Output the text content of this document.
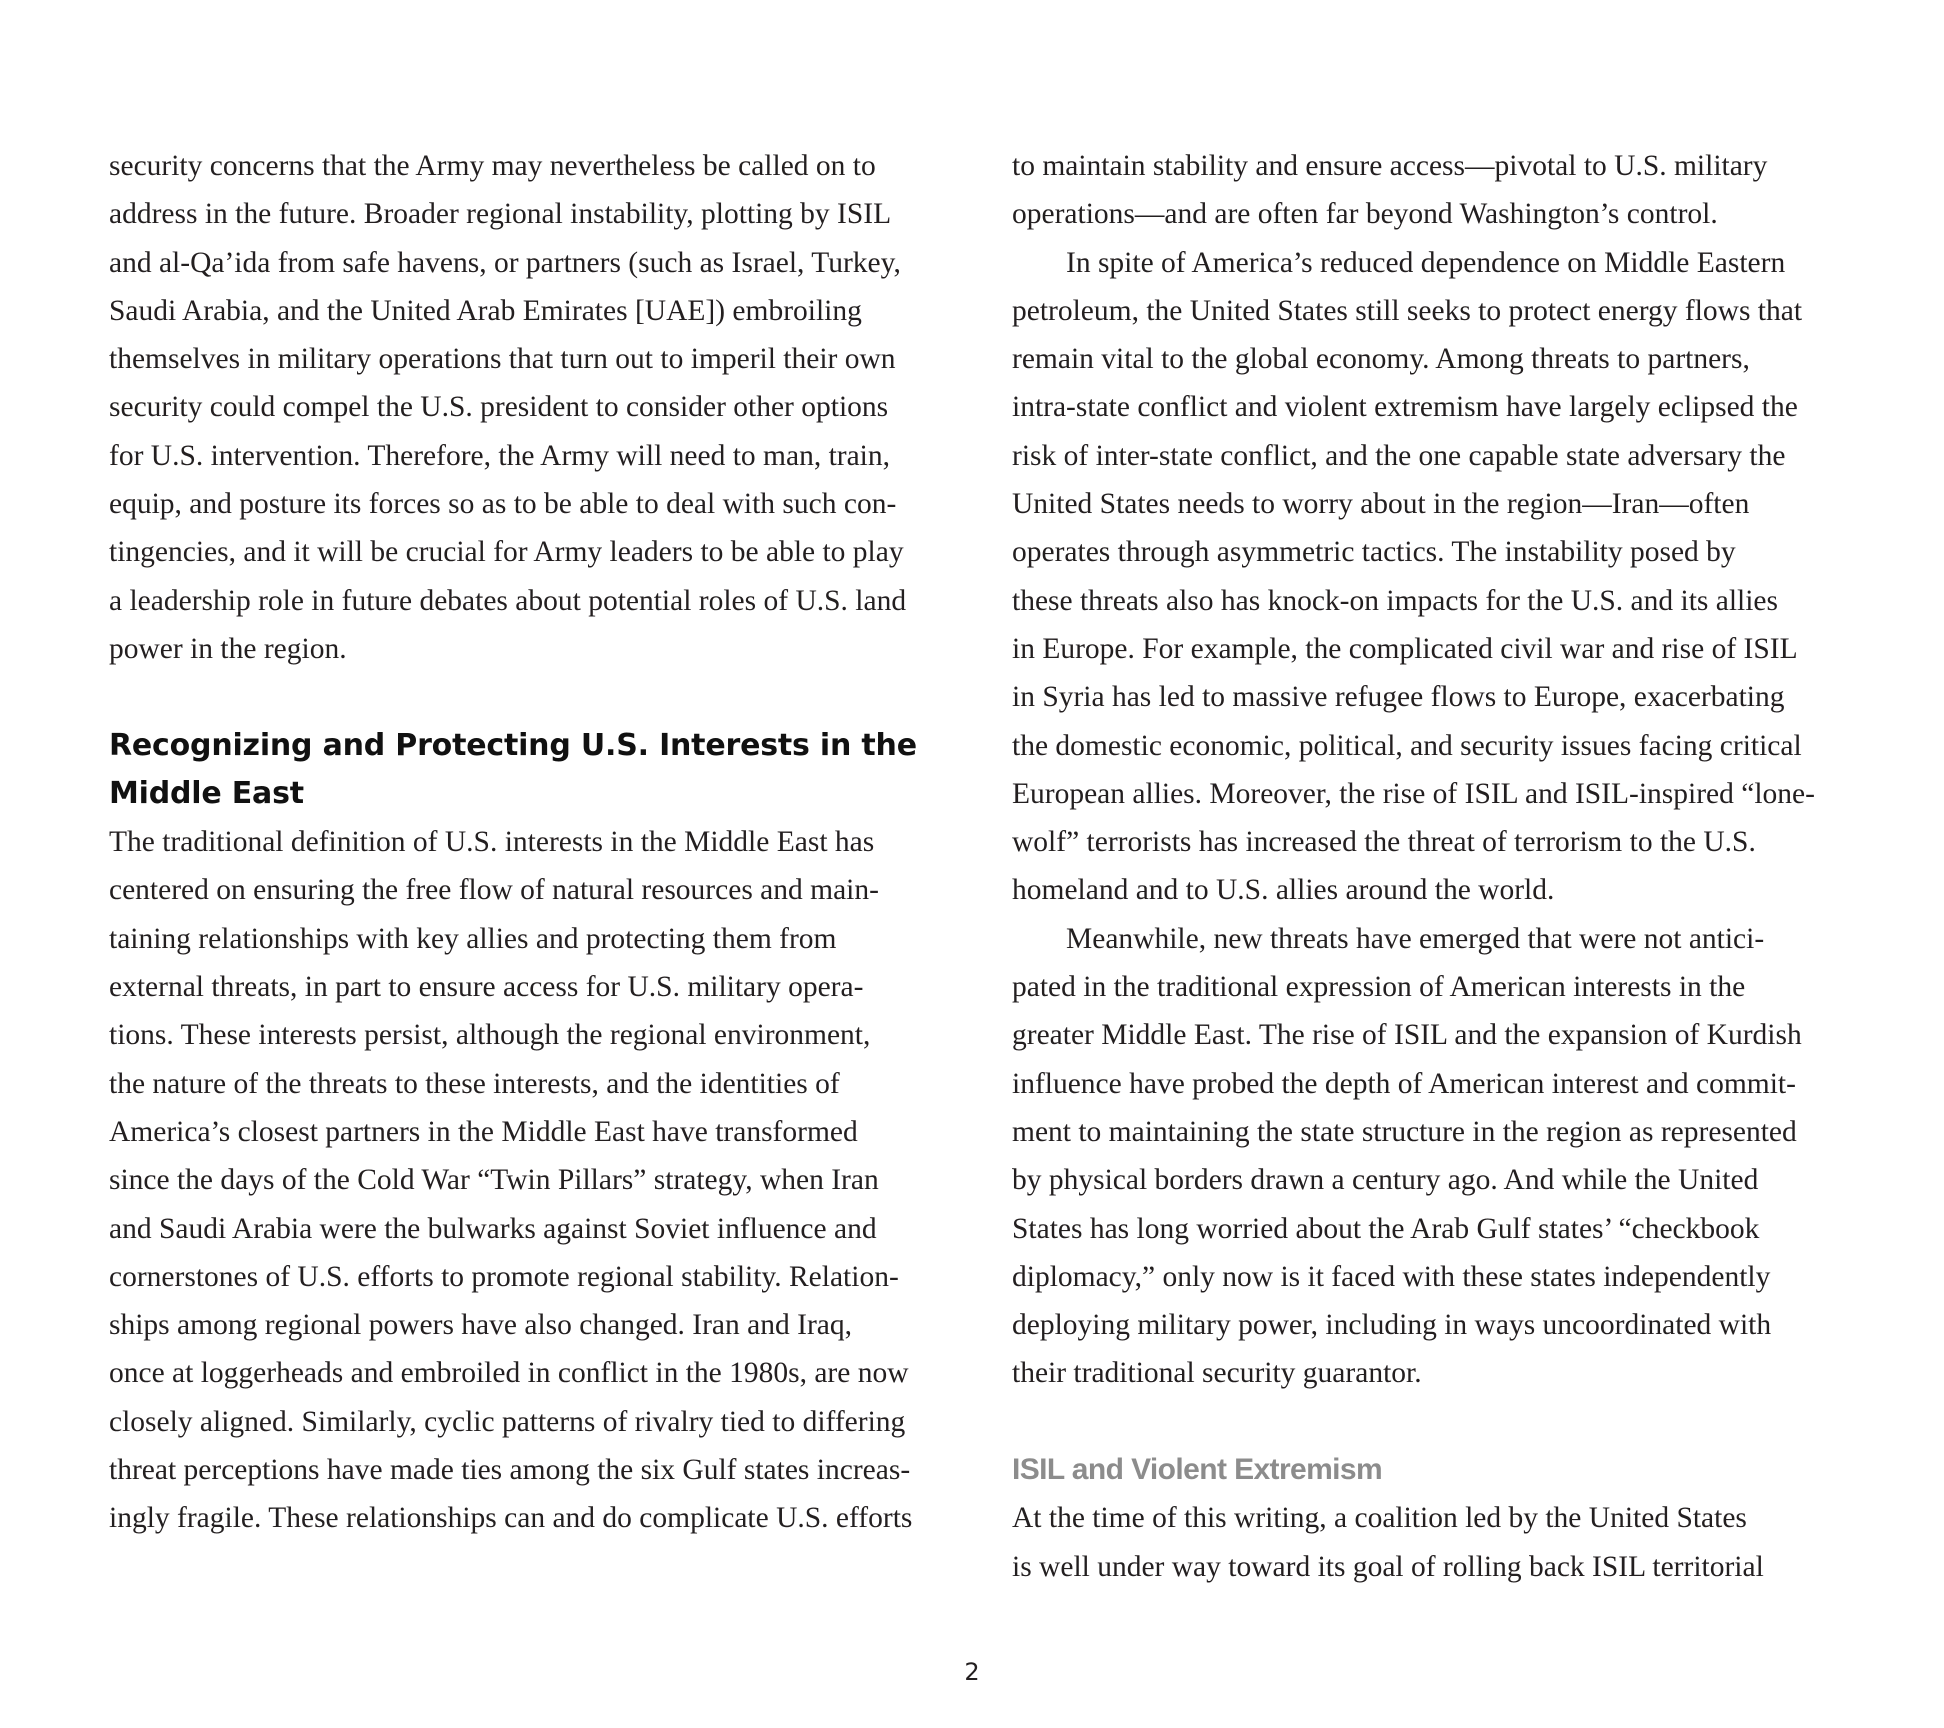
security concerns that the Army may nevertheless be called on to
address in the future. Broader regional instability, plotting by ISIL
and al-Qa’ida from safe havens, or partners (such as Israel, Turkey,
Saudi Arabia, and the United Arab Emirates [UAE]) embroiling
themselves in military operations that turn out to imperil their own
security could compel the U.S. president to consider other options
for U.S. intervention. Therefore, the Army will need to man, train,
equip, and posture its forces so as to be able to deal with such con-
tingencies, and it will be crucial for Army leaders to be able to play
a leadership role in future debates about potential roles of U.S. land
power in the region.
Recognizing and Protecting U.S. Interests in the
Middle East
The traditional definition of U.S. interests in the Middle East has
centered on ensuring the free flow of natural resources and main-
taining relationships with key allies and protecting them from
external threats, in part to ensure access for U.S. military opera-
tions. These interests persist, although the regional environment,
the nature of the threats to these interests, and the identities of
America’s closest partners in the Middle East have transformed
since the days of the Cold War “Twin Pillars” strategy, when Iran
and Saudi Arabia were the bulwarks against Soviet influence and
cornerstones of U.S. efforts to promote regional stability. Relation-
ships among regional powers have also changed. Iran and Iraq,
once at loggerheads and embroiled in conflict in the 1980s, are now
closely aligned. Similarly, cyclic patterns of rivalry tied to differing
threat perceptions have made ties among the six Gulf states increas-
ingly fragile. These relationships can and do complicate U.S. efforts
to maintain stability and ensure access—pivotal to U.S. military
operations—and are often far beyond Washington’s control.
In spite of America’s reduced dependence on Middle Eastern
petroleum, the United States still seeks to protect energy flows that
remain vital to the global economy. Among threats to partners,
intra-state conflict and violent extremism have largely eclipsed the
risk of inter-state conflict, and the one capable state adversary the
United States needs to worry about in the region—Iran—often
operates through asymmetric tactics. The instability posed by
these threats also has knock-on impacts for the U.S. and its allies
in Europe. For example, the complicated civil war and rise of ISIL
in Syria has led to massive refugee flows to Europe, exacerbating
the domestic economic, political, and security issues facing critical
European allies. Moreover, the rise of ISIL and ISIL-inspired “lone-
wolf” terrorists has increased the threat of terrorism to the U.S.
homeland and to U.S. allies around the world.
Meanwhile, new threats have emerged that were not antici-
pated in the traditional expression of American interests in the
greater Middle East. The rise of ISIL and the expansion of Kurdish
influence have probed the depth of American interest and commit-
ment to maintaining the state structure in the region as represented
by physical borders drawn a century ago. And while the United
States has long worried about the Arab Gulf states’ “checkbook
diplomacy,” only now is it faced with these states independently
deploying military power, including in ways uncoordinated with
their traditional security guarantor.
ISIL and Violent Extremism
At the time of this writing, a coalition led by the United States
is well under way toward its goal of rolling back ISIL territorial
2
